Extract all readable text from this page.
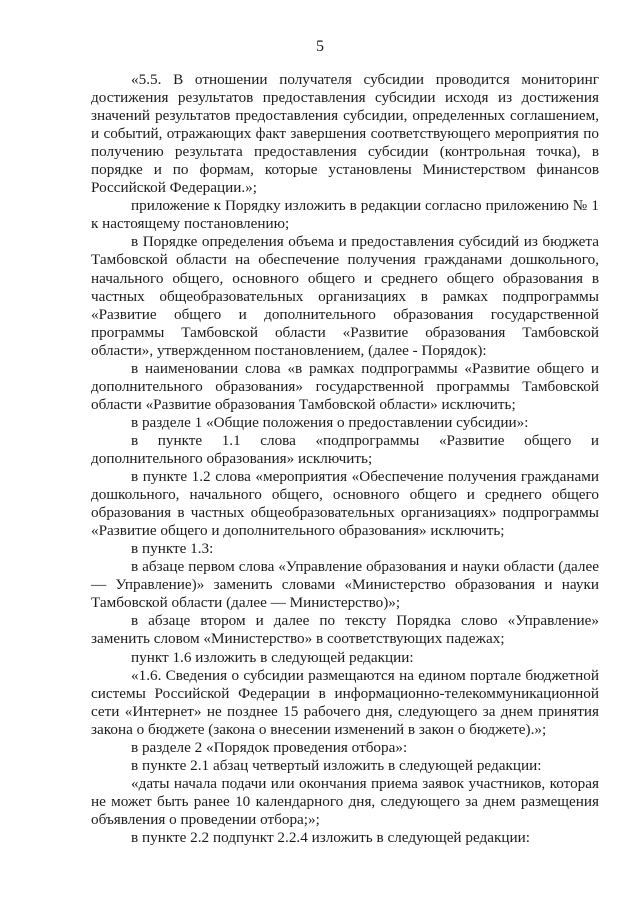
5

«5.5. В отношении получателя субсидии проводится мониторинг достижения результатов предоставления субсидии исходя из достижения значений результатов предоставления субсидии, определенных соглашением, и событий, отражающих факт завершения соответствующего мероприятия по получению результата предоставления субсидии (контрольная точка), в порядке и по формам, которые установлены Министерством финансов Российской Федерации.»;

приложение к Порядку изложить в редакции согласно приложению № 1 к настоящему постановлению;

в Порядке определения объема и предоставления субсидий из бюджета Тамбовской области на обеспечение получения гражданами дошкольного, начального общего, основного общего и среднего общего образования в частных общеобразовательных организациях в рамках подпрограммы «Развитие общего и дополнительного образования государственной программы Тамбовской области «Развитие образования Тамбовской области», утвержденном постановлением, (далее - Порядок):

в наименовании слова «в рамках подпрограммы «Развитие общего и дополнительного образования» государственной программы Тамбовской области «Развитие образования Тамбовской области» исключить;

в разделе 1 «Общие положения о предоставлении субсидии»:

в пункте 1.1 слова «подпрограммы «Развитие общего и дополнительного образования» исключить;

в пункте 1.2 слова «мероприятия «Обеспечение получения гражданами дошкольного, начального общего, основного общего и среднего общего образования в частных общеобразовательных организациях» подпрограммы «Развитие общего и дополнительного образования» исключить;

в пункте 1.3:

в абзаце первом слова «Управление образования и науки области (далее — Управление)» заменить словами «Министерство образования и науки Тамбовской области (далее — Министерство)»;

в абзаце втором и далее по тексту Порядка слово «Управление» заменить словом «Министерство» в соответствующих падежах;

пункт 1.6 изложить в следующей редакции:

«1.6. Сведения о субсидии размещаются на едином портале бюджетной системы Российской Федерации в информационно-телекоммуникационной сети «Интернет» не позднее 15 рабочего дня, следующего за днем принятия закона о бюджете (закона о внесении изменений в закон о бюджете).»;

в разделе 2 «Порядок проведения отбора»:

в пункте 2.1 абзац четвертый изложить в следующей редакции:

«даты начала подачи или окончания приема заявок участников, которая не может быть ранее 10 календарного дня, следующего за днем размещения объявления о проведении отбора;»;

в пункте 2.2 подпункт 2.2.4 изложить в следующей редакции:
